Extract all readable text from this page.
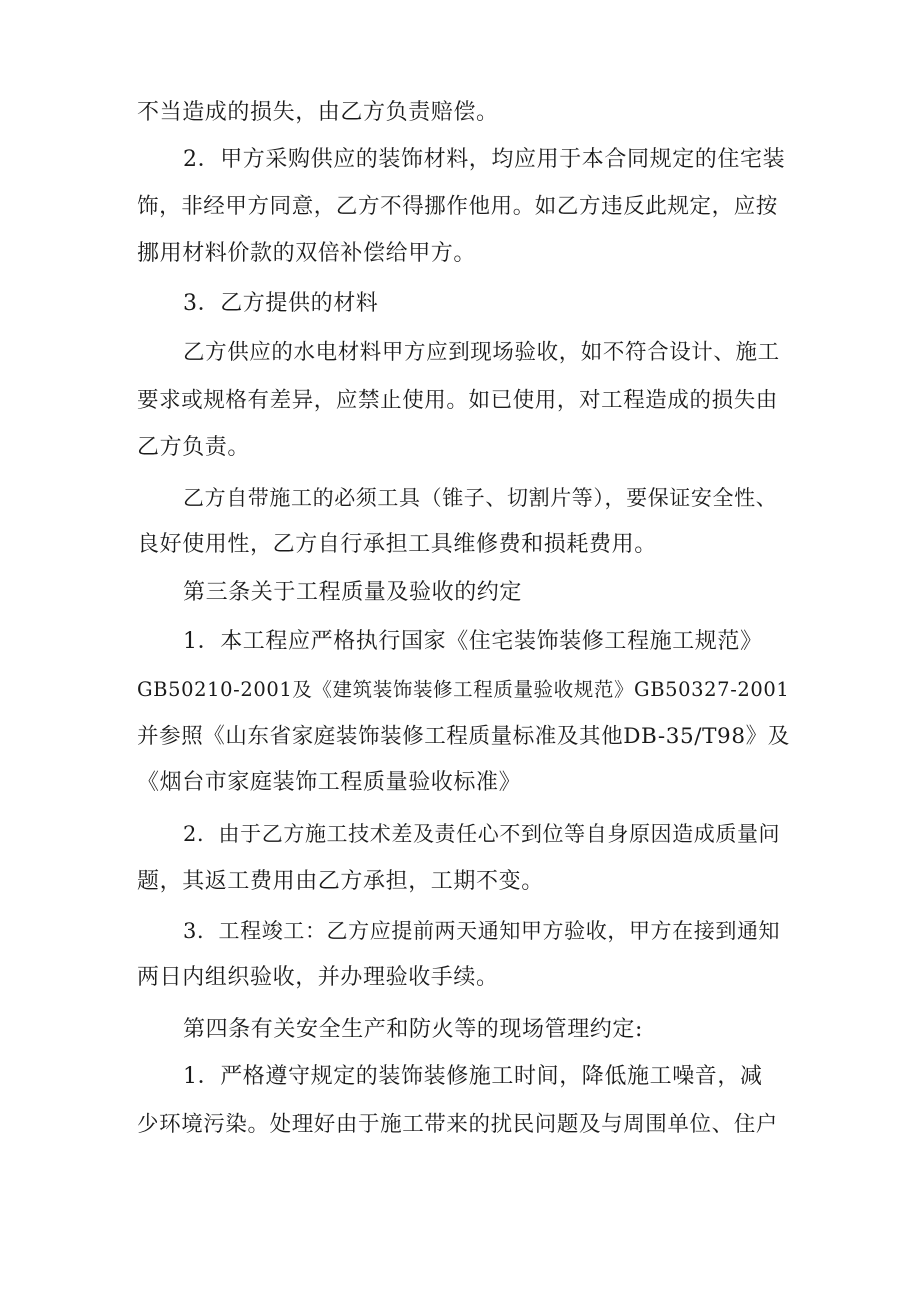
不当造成的损失，由乙方负责赔偿。
2．甲方采购供应的装饰材料，均应用于本合同规定的住宅装
饰，非经甲方同意，乙方不得挪作他用。如乙方违反此规定，应按
挪用材料价款的双倍补偿给甲方。
3．乙方提供的材料
乙方供应的水电材料甲方应到现场验收，如不符合设计、施工
要求或规格有差异，应禁止使用。如已使用，对工程造成的损失由
乙方负责。
乙方自带施工的必须工具（锥子、切割片等），要保证安全性、
良好使用性，乙方自行承担工具维修费和损耗费用。
第三条关于工程质量及验收的约定
1．本工程应严格执行国家《住宅装饰装修工程施工规范》
GB50210-2001及《建筑装饰装修工程质量验收规范》GB50327-2001
并参照《山东省家庭装饰装修工程质量标准及其他DB-35/T98》及
《烟台市家庭装饰工程质量验收标准》
2．由于乙方施工技术差及责任心不到位等自身原因造成质量问
题，其返工费用由乙方承担，工期不变。
3．工程竣工：乙方应提前两天通知甲方验收，甲方在接到通知
两日内组织验收，并办理验收手续。
第四条有关安全生产和防火等的现场管理约定:
1．严格遵守规定的装饰装修施工时间，降低施工噪音，减
少环境污染。处理好由于施工带来的扰民问题及与周围单位、住户
